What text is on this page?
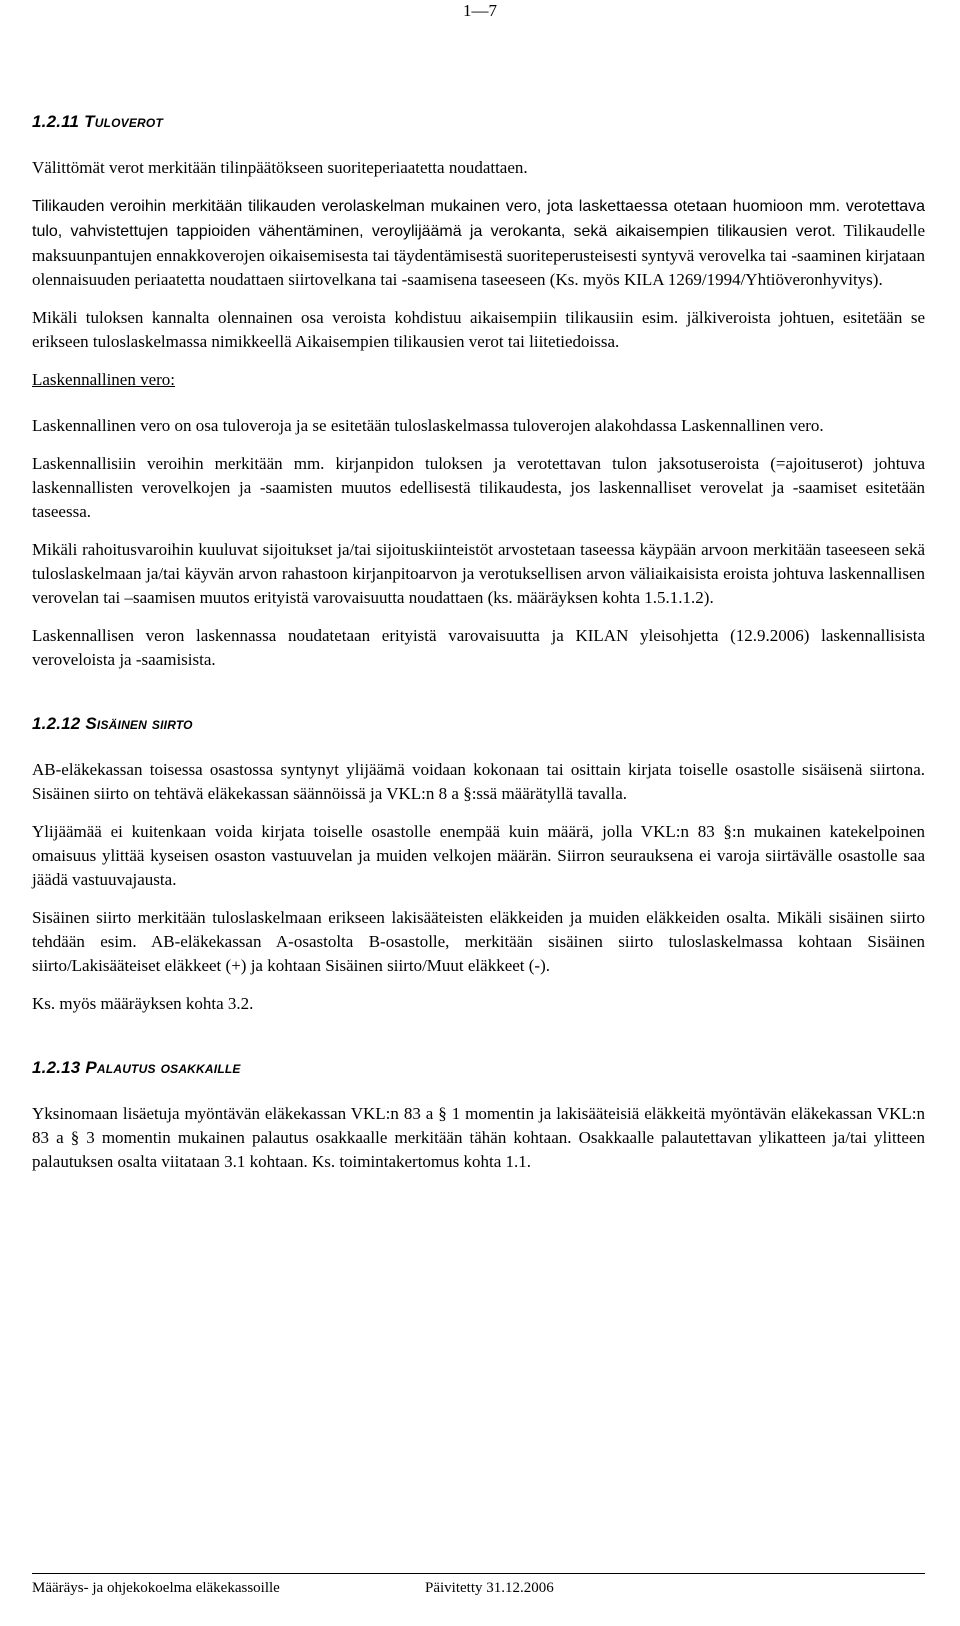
1—7
1.2.11 Tuloverot

Välittömät verot merkitään tilinpäätökseen suoriteperiaatetta noudattaen.

Tilikauden veroihin merkitään tilikauden verolaskelman mukainen vero, jota laskettaessa otetaan huomioon mm. verotettava tulo, vahvistettujen tappioiden vähentäminen, veroylijäämä ja verokanta, sekä aikaisempien tilikausien verot. Tilikaudelle maksuunpantujen ennakkoverojen oikaisemisesta tai täydentämisestä suoriteperusteisesti syntyvä verovelka tai -saaminen kirjataan olennaisuuden periaatetta noudattaen siirtovelkana tai -saamisena taseeseen (Ks. myös KILA 1269/1994/Yhtiöveronhyvitys).

Mikäli tuloksen kannalta olennainen osa veroista kohdistuu aikaisempiin tilikausiin esim. jälkiveroista johtuen, esitetään se erikseen tuloslaskelmassa nimikkeellä Aikaisempien tilikausien verot tai liitetiedoissa.

Laskennallinen vero:

Laskennallinen vero on osa tuloveroja ja se esitetään tuloslaskelmassa tuloverojen alakohdassa Laskennallinen vero.

Laskennallisiin veroihin merkitään mm. kirjanpidon tuloksen ja verotettavan tulon jaksotuseroista (=ajoituserot) johtuva laskennallisten verovelkojen ja -saamisten muutos edellisestä tilikaudesta, jos laskennalliset verovelat ja -saamiset esitetään taseessa.

Mikäli rahoitusvaroihin kuuluvat sijoitukset ja/tai sijoituskiinteistöt arvostetaan taseessa käypään arvoon merkitään taseeseen sekä tuloslaskelmaan ja/tai käyvän arvon rahastoon kirjanpitoarvon ja verotuksellisen arvon väliaikaisista eroista johtuva laskennallisen verovelan tai –saamisen muutos erityistä varovaisuutta noudattaen (ks. määräyksen kohta 1.5.1.1.2).

Laskennallisen veron laskennassa noudatetaan erityistä varovaisuutta ja KILAN yleisohjetta (12.9.2006) laskennallisista veroveloista ja -saamisista.

1.2.12 Sisäinen siirto

AB-eläkekassan toisessa osastossa syntynyt ylijäämä voidaan kokonaan tai osittain kirjata toiselle osastolle sisäisenä siirtona. Sisäinen siirto on tehtävä eläkekassan säännöissä ja VKL:n 8 a §:ssä määrätyllä tavalla.

Ylijäämää ei kuitenkaan voida kirjata toiselle osastolle enempää kuin määrä, jolla VKL:n 83 §:n mukainen katekelpoinen omaisuus ylittää kyseisen osaston vastuuvelan ja muiden velkojen määrän. Siirron seurauksena ei varoja siirtävälle osastolle saa jäädä vastuuvajausta.

Sisäinen siirto merkitään tuloslaskelmaan erikseen lakisääteisten eläkkeiden ja muiden eläkkeiden osalta. Mikäli sisäinen siirto tehdään esim. AB-eläkekassan A-osastolta B-osastolle, merkitään sisäinen siirto tuloslaskelmassa kohtaan Sisäinen siirto/Lakisääteiset eläkkeet (+) ja kohtaan Sisäinen siirto/Muut eläkkeet (-).

Ks. myös määräyksen kohta 3.2.

1.2.13 Palautus osakkaille

Yksinomaan lisäetuja myöntävän eläkekassan VKL:n 83 a § 1 momentin ja lakisääteisiä eläkkeitä myöntävän eläkekassan VKL:n 83 a § 3 momentin mukainen palautus osakkaalle merkitään tähän kohtaan. Osakkaalle palautettavan ylikatteen ja/tai ylitteen palautuksen osalta viitataan 3.1 kohtaan. Ks. toimintakertomus kohta 1.1.

Määräys- ja ohjekokoelma eläkekassoille	Päivitetty 31.12.2006
